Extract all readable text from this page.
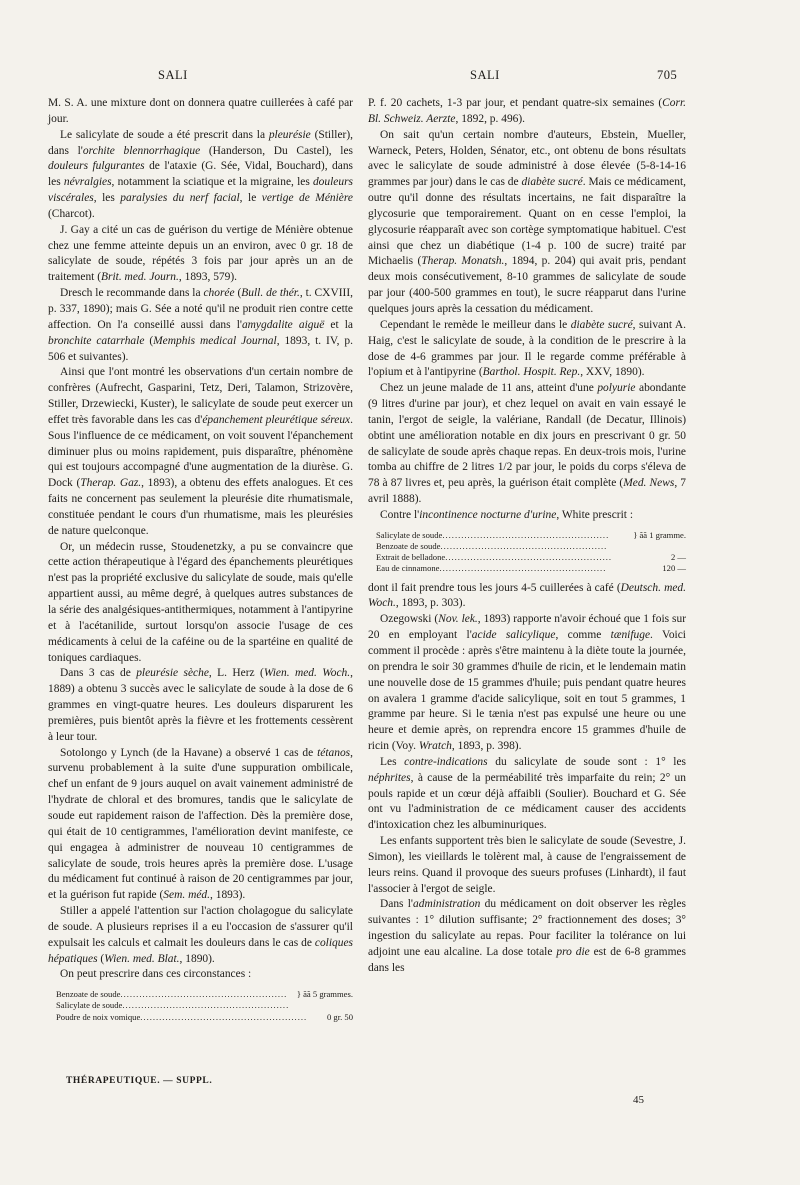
SALI	SALI	705

M. S. A. une mixture dont on donnera quatre cuillerées à café par jour.

Le salicylate de soude a été prescrit dans la pleurésie (Stiller), dans l'orchite blennorrhagique (Handerson, Du Castel), les douleurs fulgurantes de l'ataxie (G. Sée, Vidal, Bouchard), dans les névralgies, notamment la sciatique et la migraine, les douleurs viscérales, les paralysies du nerf facial, le vertige de Ménière (Charcot).

J. Gay a cité un cas de guérison du vertige de Ménière obtenue chez une femme atteinte depuis un an environ, avec 0 gr. 18 de salicylate de soude, répétés 3 fois par jour après un an de traitement (Brit. med. Journ., 1893, 579).

Dresch le recommande dans la chorée (Bull. de thér., t. CXVIII, p. 337, 1890); mais G. Sée a noté qu'il ne produit rien contre cette affection. On l'a conseillé aussi dans l'amygdalite aiguë et la bronchite catarrhale (Memphis medical Journal, 1893, t. IV, p. 506 et suivantes).

Ainsi que l'ont montré les observations d'un certain nombre de confrères (Aufrecht, Gasparini, Tetz, Deri, Talamon, Strizovère, Stiller, Drzewiecki, Kuster), le salicylate de soude peut exercer un effet très favorable dans les cas d'épanchement pleurétique séreux. Sous l'influence de ce médicament, on voit souvent l'épanchement diminuer plus ou moins rapidement, puis disparaître, phénomène qui est toujours accompagné d'une augmentation de la diurèse. G. Dock (Therap. Gaz., 1893), a obtenu des effets analogues. Et ces faits ne concernent pas seulement la pleurésie dite rhumatismale, constituée pendant le cours d'un rhumatisme, mais les pleurésies de nature quelconque.

Or, un médecin russe, Stoudenetzky, a pu se convaincre que cette action thérapeutique à l'égard des épanchements pleurétiques n'est pas la propriété exclusive du salicylate de soude, mais qu'elle appartient aussi, au même degré, à quelques autres substances de la série des analgésiques-antithermiques, notamment à l'antipyrine et à l'acétanilide, surtout lorsqu'on associe l'usage de ces médicaments à celui de la caféine ou de la spartéine en qualité de toniques cardiaques.

Dans 3 cas de pleurésie sèche, L. Herz (Wien. med. Woch., 1889) a obtenu 3 succès avec le salicylate de soude à la dose de 6 grammes en vingt-quatre heures. Les douleurs disparurent les premières, puis bientôt après la fièvre et les frottements cessèrent à leur tour.

Sotolongo y Lynch (de la Havane) a observé 1 cas de tétanos, survenu probablement à la suite d'une suppuration ombilicale, chef un enfant de 9 jours auquel on avait vainement administré de l'hydrate de chloral et des bromures, tandis que le salicylate de soude eut rapidement raison de l'affection. Dès la première dose, qui était de 10 centigrammes, l'amélioration devint manifeste, ce qui engagea à administrer de nouveau 10 centigrammes de salicylate de soude, trois heures après la première dose. L'usage du médicament fut continué à raison de 20 centigrammes par jour, et la guérison fut rapide (Sem. méd., 1893).

Stiller a appelé l'attention sur l'action cholagogue du salicylate de soude. A plusieurs reprises il a eu l'occasion de s'assurer qu'il expulsait les calculs et calmait les douleurs dans le cas de coliques hépatiques (Wien. med. Blat., 1890).

On peut prescrire dans ces circonstances :

Benzoate de soude .....................................................	} ãã 5 grammes.
Salicylate de soude .....................................................
Poudre de noix vomique .....................................................	0 gr. 50

P. f. 20 cachets, 1-3 par jour, et pendant quatre-six semaines (Corr. Bl. Schweiz. Aerzte, 1892, p. 496).

On sait qu'un certain nombre d'auteurs, Ebstein, Mueller, Warneck, Peters, Holden, Sénator, etc., ont obtenu de bons résultats avec le salicylate de soude administré à dose élevée (5-8-14-16 grammes par jour) dans le cas de diabète sucré. Mais ce médicament, outre qu'il donne des résultats incertains, ne fait disparaître la glycosurie que temporairement. Quant on en cesse l'emploi, la glycosurie réapparaît avec son cortège symptomatique habituel. C'est ainsi que chez un diabétique (1-4 p. 100 de sucre) traité par Michaelis (Therap. Monatsh., 1894, p. 204) qui avait pris, pendant deux mois consécutivement, 8-10 grammes de salicylate de soude par jour (400-500 grammes en tout), le sucre réapparut dans l'urine quelques jours après la cessation du médicament.

Cependant le remède le meilleur dans le diabète sucré, suivant A. Haig, c'est le salicylate de soude, à la condition de le prescrire à la dose de 4-6 grammes par jour. Il le regarde comme préférable à l'opium et à l'antipyrine (Barthol. Hospit. Rep., XXV, 1890).

Chez un jeune malade de 11 ans, atteint d'une polyurie abondante (9 litres d'urine par jour), et chez lequel on avait en vain essayé le tanin, l'ergot de seigle, la valériane, Randall (de Decatur, Illinois) obtint une amélioration notable en dix jours en prescrivant 0 gr. 50 de salicylate de soude après chaque repas. En deux-trois mois, l'urine tomba au chiffre de 2 litres 1/2 par jour, le poids du corps s'éleva de 78 à 87 livres et, peu après, la guérison était complète (Med. News, 7 avril 1888).

Contre l'incontinence nocturne d'urine, White prescrit :

Salicylate de soude .....................................................	} ãã 1 gramme.
Benzoate de soude .....................................................
Extrait de belladone .....................................................	2 —
Eau de cinnamone .....................................................	120 —

dont il fait prendre tous les jours 4-5 cuillerées à café (Deutsch. med. Woch., 1893, p. 303).

Ozegowski (Nov. lek., 1893) rapporte n'avoir échoué que 1 fois sur 20 en employant l'acide salicylique, comme tænifuge. Voici comment il procède : après s'être maintenu à la diète toute la journée, on prendra le soir 30 grammes d'huile de ricin, et le lendemain matin une nouvelle dose de 15 grammes d'huile; puis pendant quatre heures on avalera 1 gramme d'acide salicylique, soit en tout 5 grammes, 1 gramme par heure. Si le tænia n'est pas expulsé une heure ou une heure et demie après, on reprendra encore 15 grammes d'huile de ricin (Voy. Wratch, 1893, p. 398).

Les contre-indications du salicylate de soude sont : 1° les néphrites, à cause de la perméabilité très imparfaite du rein; 2° un pouls rapide et un cœur déjà affaibli (Soulier). Bouchard et G. Sée ont vu l'administration de ce médicament causer des accidents d'intoxication chez les albuminuriques.

Les enfants supportent très bien le salicylate de soude (Sevestre, J. Simon), les vieillards le tolèrent mal, à cause de l'engraissement de leurs reins. Quand il provoque des sueurs profuses (Linhardt), il faut l'associer à l'ergot de seigle.

Dans l'administration du médicament on doit observer les règles suivantes : 1° dilution suffisante; 2° fractionnement des doses; 3° ingestion du salicylate au repas. Pour faciliter la tolérance on lui adjoint une eau alcaline. La dose totale pro die est de 6-8 grammes dans les

THÉRAPEUTIQUE. — SUPPL.
45
